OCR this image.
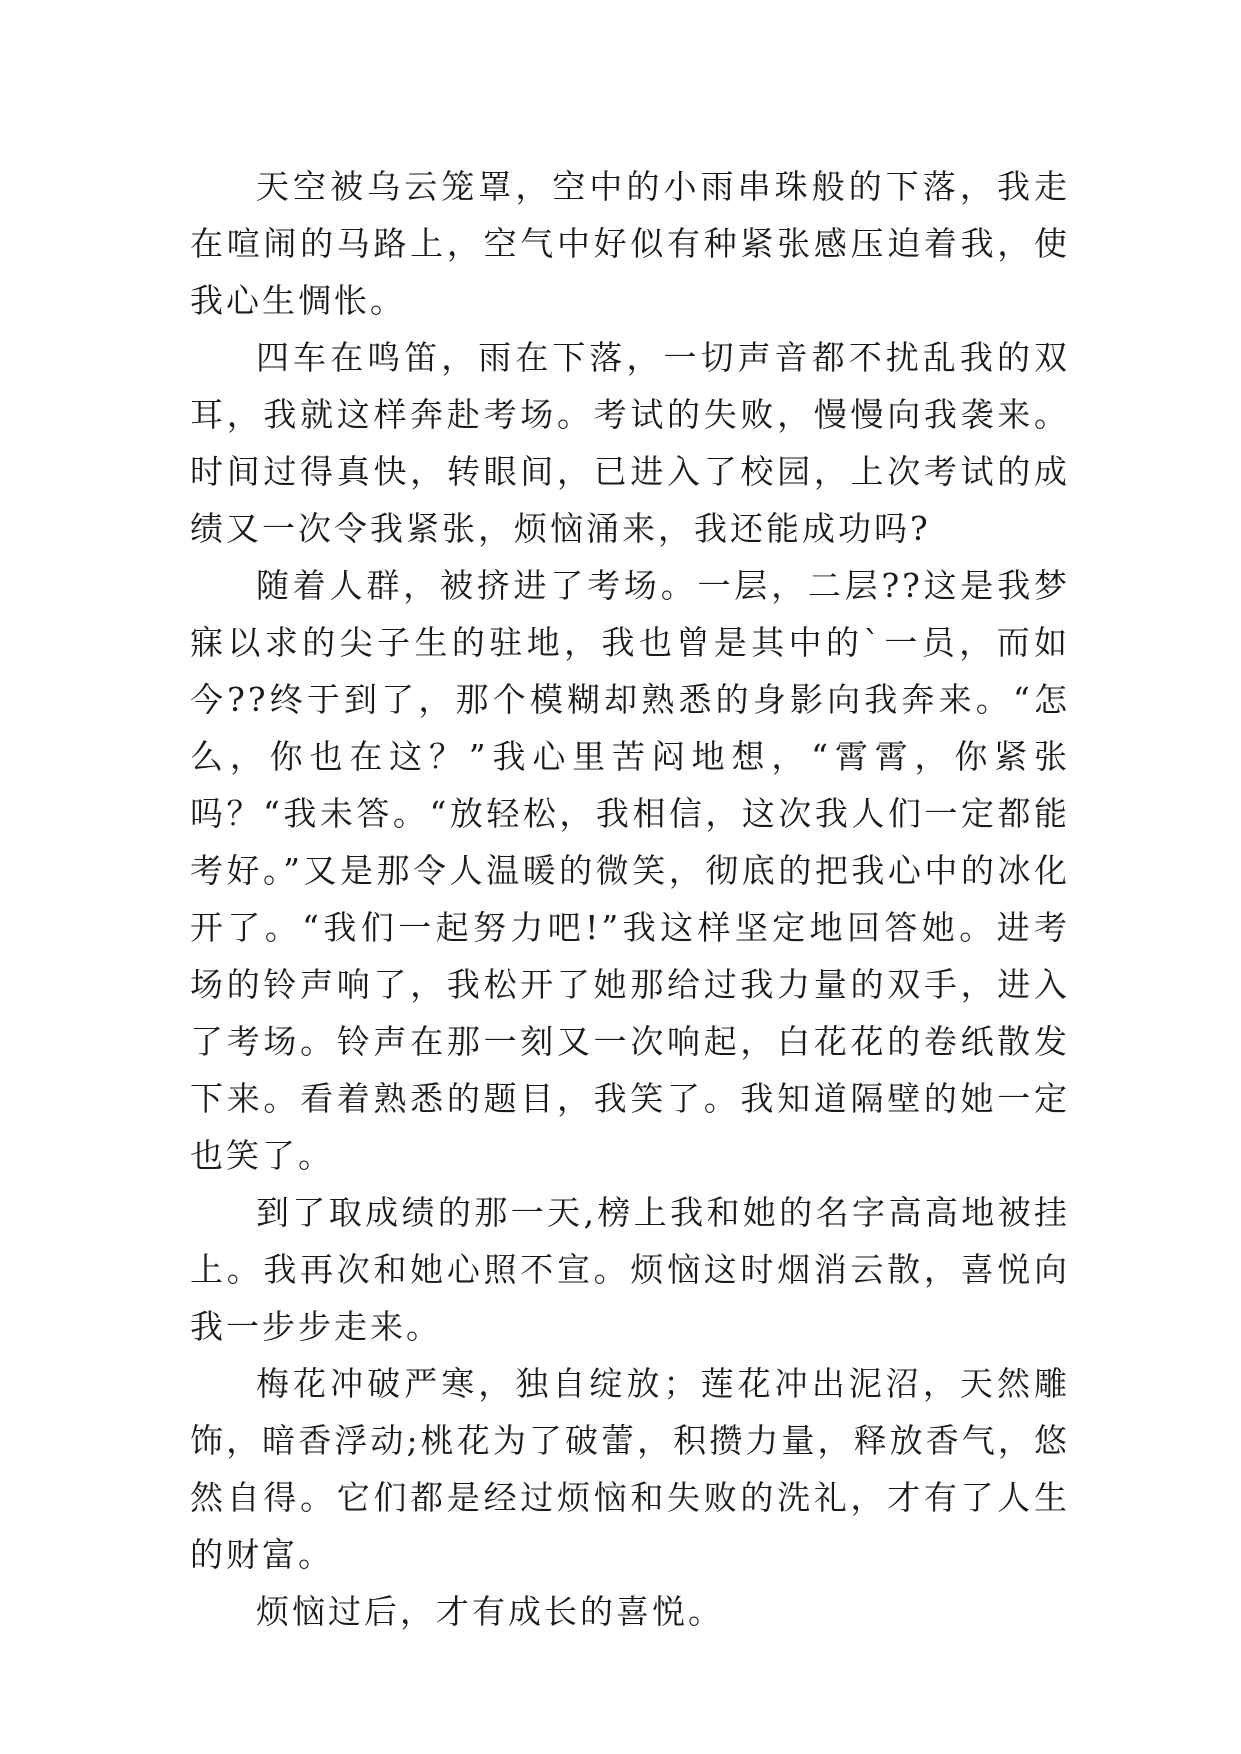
天空被乌云笼罩，空中的小雨串珠般的下落，我走在喧闹的马路上，空气中好似有种紧张感压迫着我，使我心生惆怅。

四车在鸣笛，雨在下落，一切声音都不扰乱我的双耳，我就这样奔赴考场。考试的失败，慢慢向我袭来。时间过得真快，转眼间，已进入了校园，上次考试的成绩又一次令我紧张，烦恼涌来，我还能成功吗?

随着人群，被挤进了考场。一层，二层??这是我梦寐以求的尖子生的驻地，我也曾是其中的`一员，而如今??终于到了，那个模糊却熟悉的身影向我奔来。“怎么，你也在这？”我心里苦闷地想，“霄霄，你紧张吗？“我未答。“放轻松，我相信，这次我人们一定都能考好。”又是那令人温暖的微笑，彻底的把我心中的冰化开了。“我们一起努力吧!”我这样坚定地回答她。进考场的铃声响了，我松开了她那给过我力量的双手，进入了考场。铃声在那一刻又一次响起，白花花的卷纸散发下来。看着熟悉的题目，我笑了。我知道隔壁的她一定也笑了。

到了取成绩的那一天,榜上我和她的名字高高地被挂上。我再次和她心照不宣。烦恼这时烟消云散，喜悦向我一步步走来。

梅花冲破严寒，独自绽放；莲花冲出泥沼，天然雕饰，暗香浮动;桃花为了破蕾，积攒力量，释放香气，悠然自得。它们都是经过烦恼和失败的洗礼，才有了人生的财富。

烦恼过后，才有成长的喜悦。
